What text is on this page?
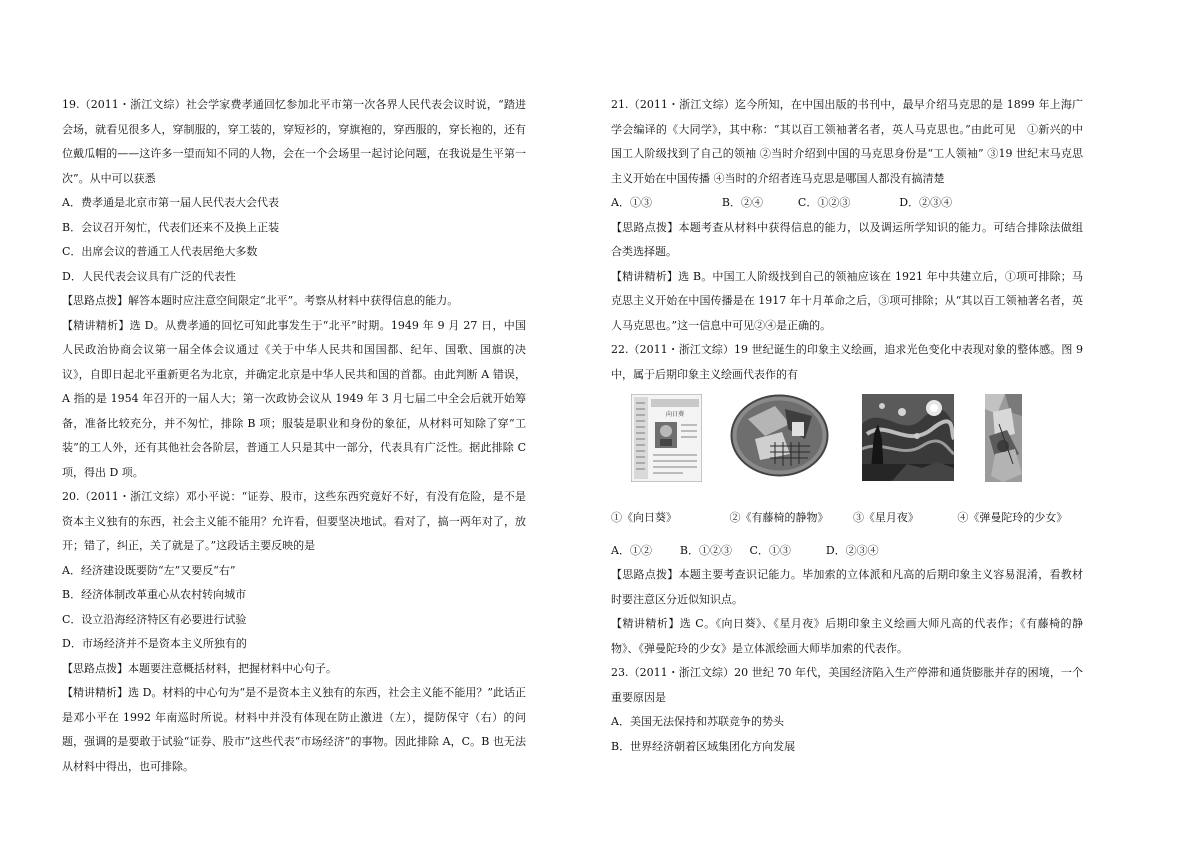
19.（2011・浙江文综）社会学家费孝通回忆参加北平市第一次各界人民代表会议时说，“踏进会场，就看见很多人，穿制服的，穿工装的，穿短衫的，穿旗袍的，穿西服的，穿长袍的，还有位戴瓜帽的——这许多一望而知不同的人物，会在一个会场里一起讨论问题，在我说是生平第一次”。从中可以获悉

A．费孝通是北京市第一届人民代表大会代表

B．会议召开匆忙，代表们还来不及换上正装

C．出席会议的普通工人代表居绝大多数

D．人民代表会议具有广泛的代表性

【思路点拨】解答本题时应注意空间限定“北平”。考察从材料中获得信息的能力。

【精讲精析】选 D。从费孝通的回忆可知此事发生于“北平”时期。1949 年 9 月 27 日，中国人民政治协商会议第一届全体会议通过《关于中华人民共和国国都、纪年、国歌、国旗的决议》，自即日起北平重新更名为北京，并确定北京是中华人民共和国的首都。由此判断 A 错误，A 指的是 1954 年召开的一届人大；第一次政协会议从 1949 年 3 月七届二中全会后就开始筹备，准备比较充分，并不匆忙，排除 B 项；服装是职业和身份的象征，从材料可知除了穿“工装”的工人外，还有其他社会各阶层，普通工人只是其中一部分，代表具有广泛性。据此排除 C 项，得出 D 项。

20.（2011・浙江文综）邓小平说：“证券、股市，这些东西究竟好不好，有没有危险，是不是资本主义独有的东西，社会主义能不能用？允许看，但要坚决地试。看对了，搞一两年对了，放开；错了，纠正，关了就是了。”这段话主要反映的是

A．经济建设既要防“左”又要反“右”

B．经济体制改革重心从农村转向城市

C．设立沿海经济特区有必要进行试验

D．市场经济并不是资本主义所独有的

【思路点拨】本题要注意概括材料，把握材料中心句子。

【精讲精析】选 D。材料的中心句为“是不是资本主义独有的东西，社会主义能不能用？”此话正是邓小平在 1992 年南巡时所说。材料中并没有体现在防止激进（左），提防保守（右）的问题，强调的是要敢于试验“证券、股市”这些代表“市场经济”的事物。因此排除 A，C。B 也无法从材料中得出，也可排除。

21.（2011・浙江文综）迄今所知，在中国出版的书刊中，最早介绍马克思的是 1899 年上海广学会编译的《大同学》，其中称：“其以百工领袖著名者，英人马克思也。”由此可见　①新兴的中国工人阶级找到了自己的领袖 ②当时介绍到中国的马克思身份是“工人领袖” ③19 世纪末马克思主义开始在中国传播 ④当时的介绍者连马克思是哪国人都没有搞清楚

A．①③                    B．②④          C．①②③              D．②③④

【思路点拨】本题考查从材料中获得信息的能力，以及调运所学知识的能力。可结合排除法做组合类选择题。

【精讲精析】选 B。中国工人阶级找到自己的领袖应该在 1921 年中共建立后，①项可排除；马克思主义开始在中国传播是在 1917 年十月革命之后，③项可排除；从“其以百工领袖著名者，英人马克思也。”这一信息中可见②④是正确的。

22.（2011・浙江文综）19 世纪诞生的印象主义绘画，追求光色变化中表现对象的整体感。图 9 中，属于后期印象主义绘画代表作的有

向日葵

①《向日葵》	②《有藤椅的静物》 ③《星月夜》	④《弹曼陀玲的少女》

A．①②        B．①②③     C．①③          D．②③④

【思路点拨】本题主要考查识记能力。毕加索的立体派和凡高的后期印象主义容易混淆，看教材时要注意区分近似知识点。

【精讲精析】选 C。《向日葵》、《星月夜》后期印象主义绘画大师凡高的代表作；《有藤椅的静物》、《弹曼陀玲的少女》是立体派绘画大师毕加索的代表作。

23.（2011・浙江文综）20 世纪 70 年代，美国经济陷入生产停滞和通货膨胀并存的困境，一个重要原因是

A．美国无法保持和苏联竞争的势头

B．世界经济朝着区域集团化方向发展
